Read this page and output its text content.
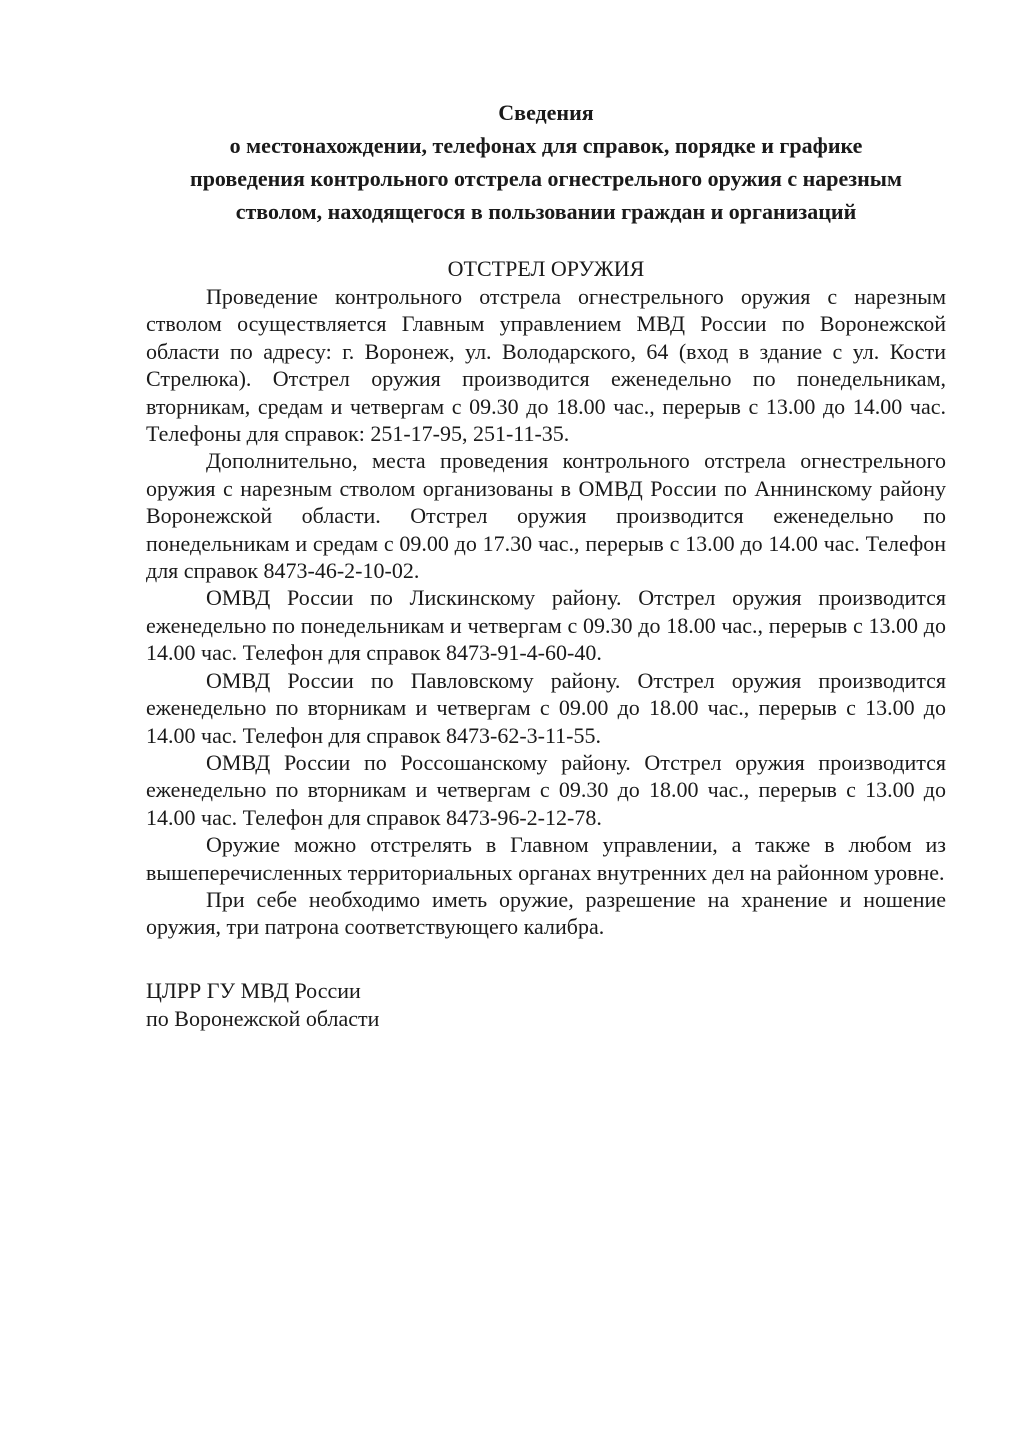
Сведения
о местонахождении, телефонах для справок, порядке и графике
проведения контрольного отстрела огнестрельного оружия с нарезным
стволом, находящегося в пользовании граждан и организаций
ОТСТРЕЛ ОРУЖИЯ

Проведение контрольного отстрела огнестрельного оружия с нарезным стволом осуществляется Главным управлением МВД России по Воронежской области по адресу: г. Воронеж, ул. Володарского, 64 (вход в здание с ул. Кости Стрелюка). Отстрел оружия производится еженедельно по понедельникам, вторникам, средам и четвергам с 09.30 до 18.00 час., перерыв с 13.00 до 14.00 час. Телефоны для справок: 251-17-95, 251-11-35.

Дополнительно, места проведения контрольного отстрела огнестрельного оружия с нарезным стволом организованы в ОМВД России по Аннинскому району Воронежской области. Отстрел оружия производится еженедельно по понедельникам и средам с 09.00 до 17.30 час., перерыв с 13.00 до 14.00 час. Телефон для справок 8473-46-2-10-02.

ОМВД России по Лискинскому району. Отстрел оружия производится еженедельно по понедельникам и четвергам с 09.30 до 18.00 час., перерыв с 13.00 до 14.00 час. Телефон для справок 8473-91-4-60-40.

ОМВД России по Павловскому району. Отстрел оружия производится еженедельно по вторникам и четвергам с 09.00 до 18.00 час., перерыв с 13.00 до 14.00 час. Телефон для справок 8473-62-3-11-55.

ОМВД России по Россошанскому району. Отстрел оружия производится еженедельно по вторникам и четвергам с 09.30 до 18.00 час., перерыв с 13.00 до 14.00 час. Телефон для справок 8473-96-2-12-78.

Оружие можно отстрелять в Главном управлении, а также в любом из вышеперечисленных территориальных органах внутренних дел на районном уровне.

При себе необходимо иметь оружие, разрешение на хранение и ношение оружия, три патрона соответствующего калибра.

ЦЛРР ГУ МВД России
по Воронежской области
